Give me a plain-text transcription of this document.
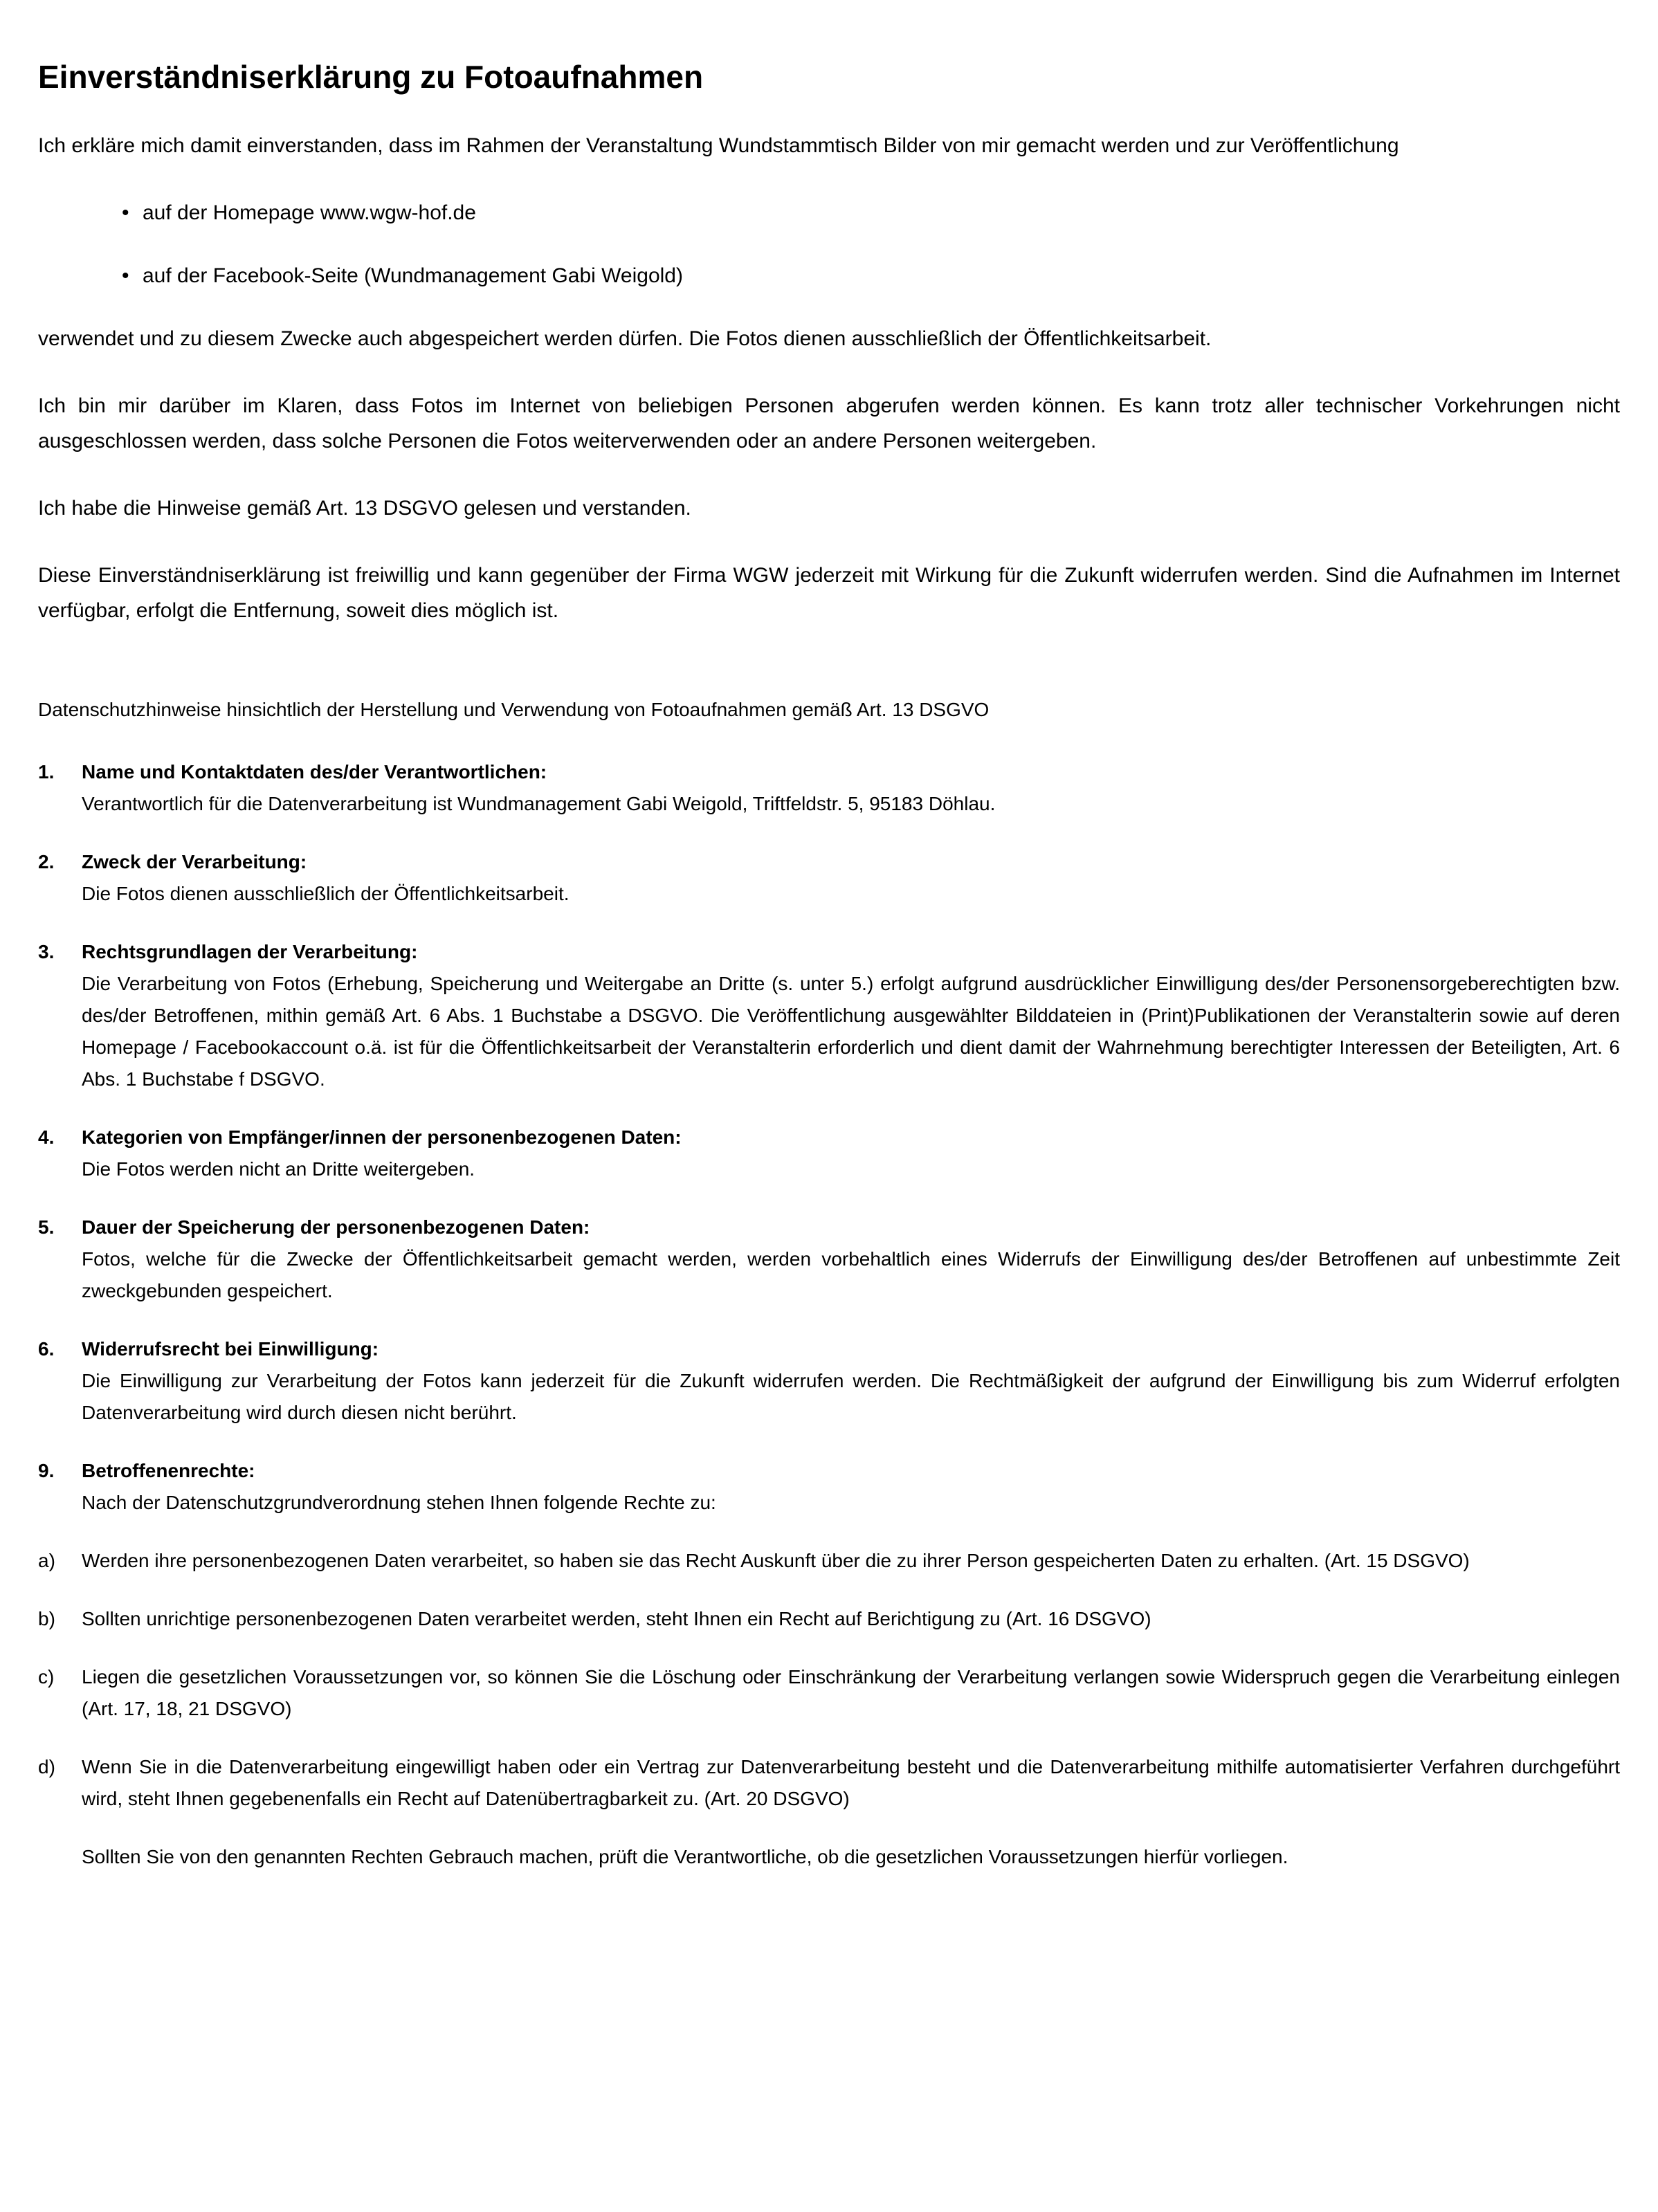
Einverständniserklärung zu Fotoaufnahmen

Ich erkläre mich damit einverstanden, dass im Rahmen der Veranstaltung Wundstammtisch Bilder von mir gemacht werden und zur Veröffentlichung

• auf der Homepage www.wgw-hof.de
• auf der Facebook-Seite (Wundmanagement Gabi Weigold)

verwendet und zu diesem Zwecke auch abgespeichert werden dürfen. Die Fotos dienen ausschließlich der Öffentlichkeitsarbeit.

Ich bin mir darüber im Klaren, dass Fotos im Internet von beliebigen Personen abgerufen werden können. Es kann trotz aller technischer Vorkehrungen nicht ausgeschlossen werden, dass solche Personen die Fotos weiterverwenden oder an andere Personen weitergeben.

Ich habe die Hinweise gemäß Art. 13 DSGVO gelesen und verstanden.

Diese Einverständniserklärung ist freiwillig und kann gegenüber der Firma WGW jederzeit mit Wirkung für die Zukunft widerrufen werden. Sind die Aufnahmen im Internet verfügbar, erfolgt die Entfernung, soweit dies möglich ist.

Datenschutzhinweise hinsichtlich der Herstellung und Verwendung von Fotoaufnahmen gemäß Art. 13 DSGVO

1.	Name und Kontaktdaten des/der Verantwortlichen:
Verantwortlich für die Datenverarbeitung ist Wundmanagement Gabi Weigold, Triftfeldstr. 5, 95183 Döhlau.
2.	Zweck der Verarbeitung:
Die Fotos dienen ausschließlich der Öffentlichkeitsarbeit.
3.	Rechtsgrundlagen der Verarbeitung:
Die Verarbeitung von Fotos (Erhebung, Speicherung und Weitergabe an Dritte (s. unter 5.) erfolgt aufgrund ausdrücklicher Einwilligung des/der Personensorgeberechtigten bzw. des/der Betroffenen, mithin gemäß Art. 6 Abs. 1 Buchstabe a DSGVO. Die Veröffentlichung ausgewählter Bilddateien in (Print)Publikationen der Veranstalterin sowie auf deren Homepage / Facebookaccount o.ä. ist für die Öffentlichkeitsarbeit der Veranstalterin erforderlich und dient damit der Wahrnehmung berechtigter Interessen der Beteiligten, Art. 6 Abs. 1 Buchstabe f DSGVO.
4.	Kategorien von Empfänger/innen der personenbezogenen Daten:
Die Fotos werden nicht an Dritte weitergeben.
5.	Dauer der Speicherung der personenbezogenen Daten:
Fotos, welche für die Zwecke der Öffentlichkeitsarbeit gemacht werden, werden vorbehaltlich eines Widerrufs der Einwilligung des/der Betroffenen auf unbestimmte Zeit zweckgebunden gespeichert.
6.	Widerrufsrecht bei Einwilligung:
Die Einwilligung zur Verarbeitung der Fotos kann jederzeit für die Zukunft widerrufen werden. Die Rechtmäßigkeit der aufgrund der Einwilligung bis zum Widerruf erfolgten Datenverarbeitung wird durch diesen nicht berührt.
9.	Betroffenenrechte:
Nach der Datenschutzgrundverordnung stehen Ihnen folgende Rechte zu:
a)	Werden ihre personenbezogenen Daten verarbeitet, so haben sie das Recht Auskunft über die zu ihrer Person gespeicherten Daten zu erhalten. (Art. 15 DSGVO)
b)	Sollten unrichtige personenbezogenen Daten verarbeitet werden, steht Ihnen ein Recht auf Berichtigung zu (Art. 16 DSGVO)
c)	Liegen die gesetzlichen Voraussetzungen vor, so können Sie die Löschung oder Einschränkung der Verarbeitung verlangen sowie Widerspruch gegen die Verarbeitung einlegen (Art. 17, 18, 21 DSGVO)
d)	Wenn Sie in die Datenverarbeitung eingewilligt haben oder ein Vertrag zur Datenverarbeitung besteht und die Datenverarbeitung mithilfe automatisierter Verfahren durchgeführt wird, steht Ihnen gegebenenfalls ein Recht auf Datenübertragbarkeit zu. (Art. 20 DSGVO)

Sollten Sie von den genannten Rechten Gebrauch machen, prüft die Verantwortliche, ob die gesetzlichen Voraussetzungen hierfür vorliegen.
